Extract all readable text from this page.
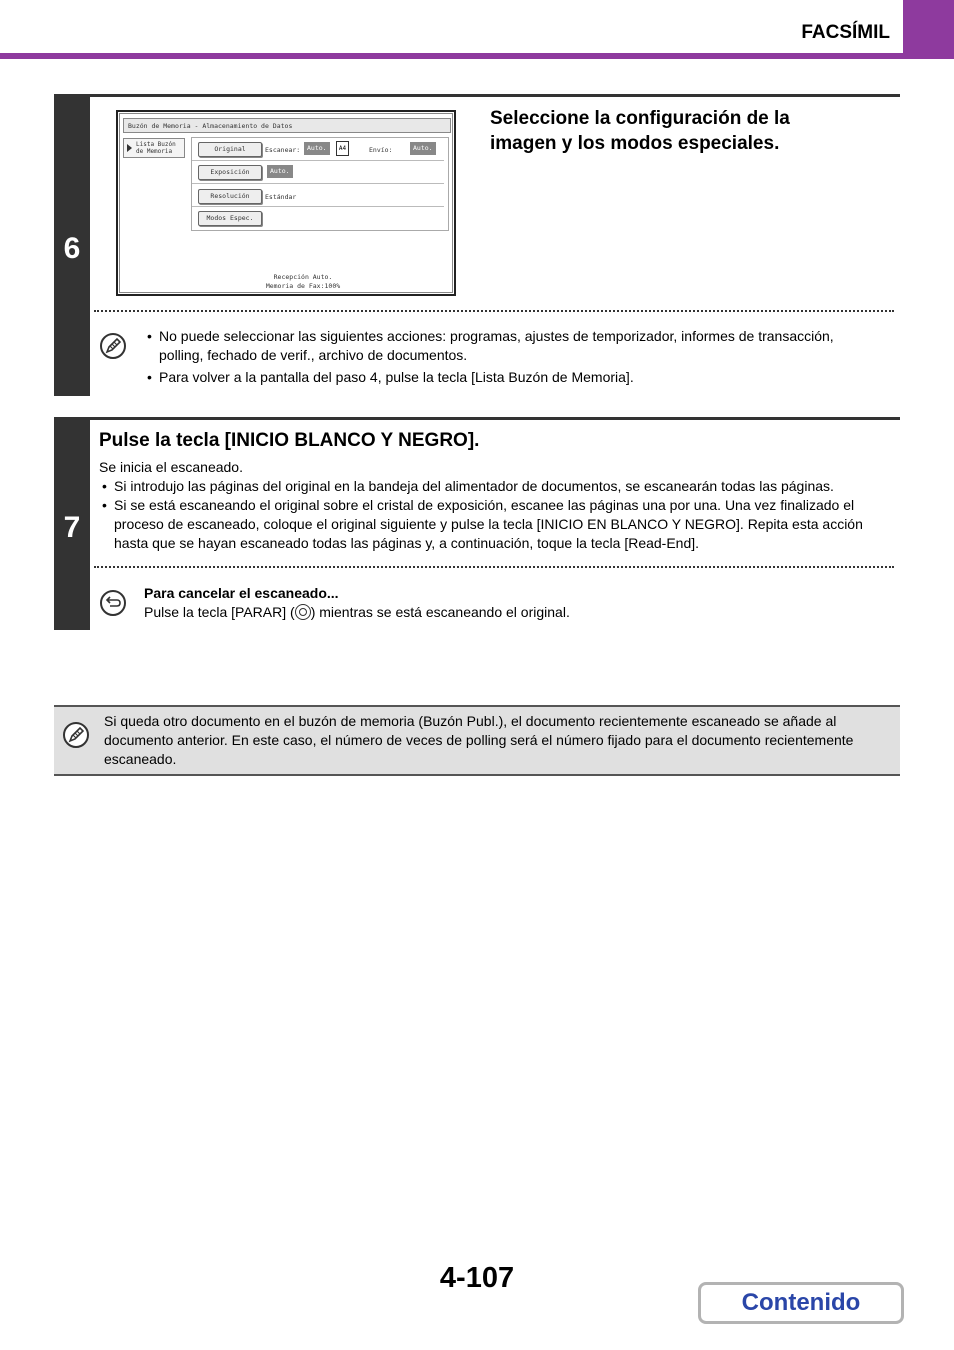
FACSÍMIL
6
Buzón de Memoria - Almacenamiento de Datos
Lista Buzón
de Memoria	Original	Escanear:	Auto.	A4	Envío:	Auto.
Exposición	Auto.
Resolución	Estándar
Modos Espec.
Recepción Auto.
Memoria de Fax:100%
Seleccione la configuración de la imagen y los modos especiales.
• No puede seleccionar las siguientes acciones: programas, ajustes de temporizador, informes de transacción, polling, fechado de verif., archivo de documentos.
• Para volver a la pantalla del paso 4, pulse la tecla [Lista Buzón de Memoria].
7
Pulse la tecla [INICIO BLANCO Y NEGRO].
Se inicia el escaneado.
• Si introdujo las páginas del original en la bandeja del alimentador de documentos, se escanearán todas las páginas.
• Si se está escaneando el original sobre el cristal de exposición, escanee las páginas una por una. Una vez finalizado el proceso de escaneado, coloque el original siguiente y pulse la tecla [INICIO EN BLANCO Y NEGRO]. Repita esta acción hasta que se hayan escaneado todas las páginas y, a continuación, toque la tecla [Read-End].
Para cancelar el escaneado...
Pulse la tecla [PARAR] ( ) mientras se está escaneando el original.
Si queda otro documento en el buzón de memoria (Buzón Publ.), el documento recientemente escaneado se añade al documento anterior. En este caso, el número de veces de polling será el número fijado para el documento recientemente escaneado.
4-107
Contenido
